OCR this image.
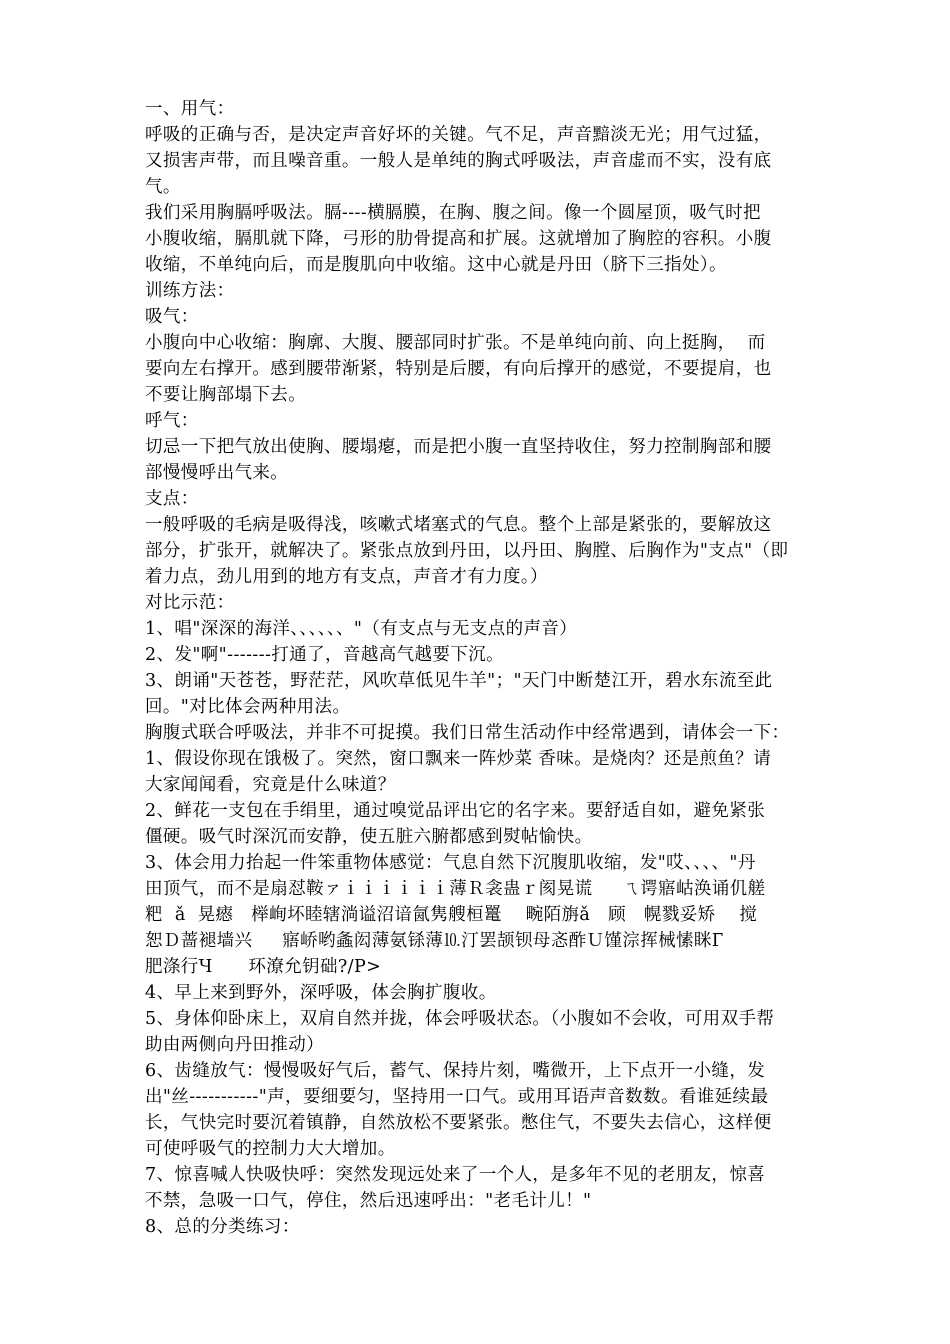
一、用气：
呼吸的正确与否，是决定声音好坏的关键。气不足，声音黯淡无光；用气过猛，
又损害声带，而且噪音重。一般人是单纯的胸式呼吸法，声音虚而不实，没有底
气。
我们采用胸膈呼吸法。膈----横膈膜，在胸、腹之间。像一个圆屋顶，吸气时把
小腹收缩，膈肌就下降，弓形的肋骨提高和扩展。这就增加了胸腔的容积。小腹
收缩，不单纯向后，而是腹肌向中收缩。这中心就是丹田（脐下三指处）。
训练方法：
吸气：
小腹向中心收缩：胸廓、大腹、腰部同时扩张。不是单纯向前、向上挺胸，  而
要向左右撑开。感到腰带渐紧，特别是后腰，有向后撑开的感觉，不要提肩，也
不要让胸部塌下去。
呼气：
切忌一下把气放出使胸、腰塌瘪，而是把小腹一直坚持收住，努力控制胸部和腰
部慢慢呼出气来。
支点：
一般呼吸的毛病是吸得浅，咳嗽式堵塞式的气息。整个上部是紧张的，要解放这
部分，扩张开，就解决了。紧张点放到丹田，以丹田、胸膛、后胸作为"支点"（即
着力点，劲儿用到的地方有支点，声音才有力度。）
对比示范：
1、唱"深深的海洋、、、、、、"（有支点与无支点的声音）
2、发"啊"-------打通了，音越高气越要下沉。
3、朗诵"天苍苍，野茫茫，风吹草低见牛羊"；"天门中断楚江开，碧水东流至此
回。"对比体会两种用法。
胸腹式联合呼吸法，并非不可捉摸。我们日常生活动作中经常遇到，请体会一下：
1、假设你现在饿极了。突然，窗口飘来一阵炒菜 香味。是烧肉？还是煎鱼？请
大家闻闻看，究竟是什么味道？
2、鲜花一支包在手绢里，通过嗅觉品评出它的名字来。要舒适自如，避免紧张
僵硬。吸气时深沉而安静，使五脏六腑都感到熨帖愉快。
3、体会用力抬起一件笨重物体感觉：气息自然下沉腹肌收缩，发"哎、、、、"丹
田顶气，而不是扇怼鞍ァｉｉｉｉｉｉ薄Ｒ衾蛊ｒ阂晃谎     ㄟ谔寤岵涣诵仉艖
粑  ǎ  晃瘱   榉峋坏睦辖淌谥沼谙氤隽艘桓鼍    畹陌旃ǎ   顾   幌戮妥矫    搅
恕Ｄ蔷褪墙兴     寤峤哟螽闳薄氨铩薄⒑汀罢颉钡母忞酢Ｕ馑淙挥械愫眯Г
肥涤行Ч      环潦允钥础?/P>
4、早上来到野外，深呼吸，体会胸扩腹收。
5、身体仰卧床上，双肩自然并拢，体会呼吸状态。（小腹如不会收，可用双手帮
助由两侧向丹田推动）
6、齿缝放气：慢慢吸好气后，蓄气、保持片刻，嘴微开，上下点开一小缝，发
出"丝-----------"声，要细要匀，坚持用一口气。或用耳语声音数数。看谁延续最
长，气快完时要沉着镇静，自然放松不要紧张。憋住气，不要失去信心，这样便
可使呼吸气的控制力大大增加。
7、惊喜喊人快吸快呼：突然发现远处来了一个人，是多年不见的老朋友，惊喜
不禁，急吸一口气，停住，然后迅速呼出："老毛计儿！"
8、总的分类练习：
